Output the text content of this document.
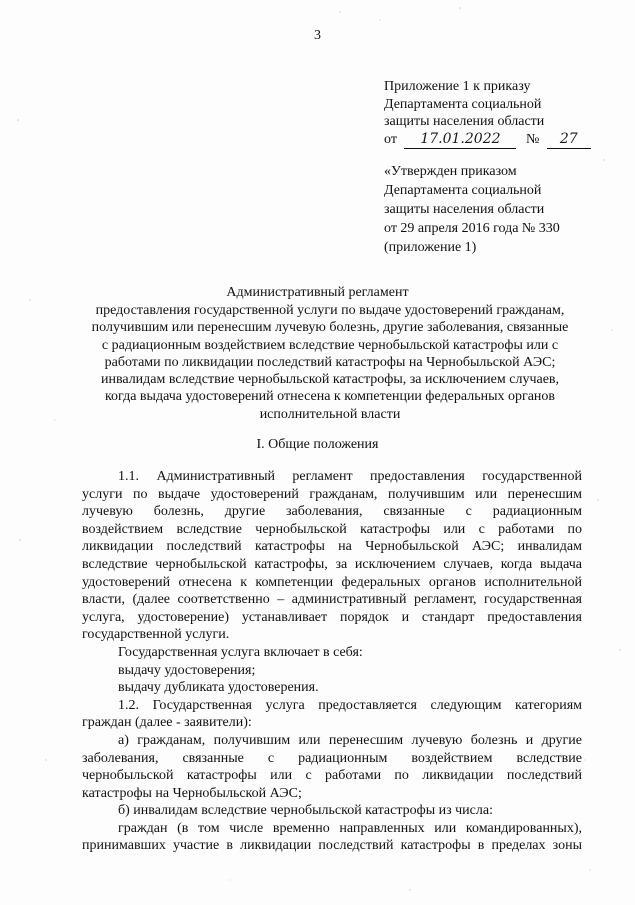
3
Приложение 1 к приказу
Департамента социальной
защиты населения области
от 17.01.2022 № 27
«Утвержден приказом
Департамента социальной
защиты населения области
от 29 апреля 2016 года № 330
(приложение 1)
Административный регламент
предоставления государственной услуги по выдаче удостоверений гражданам,
получившим или перенесшим лучевую болезнь, другие заболевания, связанные
с радиационным воздействием вследствие чернобыльской катастрофы или с
работами по ликвидации последствий катастрофы на Чернобыльской АЭС;
инвалидам вследствие чернобыльской катастрофы, за исключением случаев,
когда выдача удостоверений отнесена к компетенции федеральных органов
исполнительной власти
I. Общие положения
1.1. Административный регламент предоставления государственной
услуги по выдаче удостоверений гражданам, получившим или перенесшим
лучевую болезнь, другие заболевания, связанные с радиационным
воздействием вследствие чернобыльской катастрофы или с работами по
ликвидации последствий катастрофы на Чернобыльской АЭС; инвалидам
вследствие чернобыльской катастрофы, за исключением случаев, когда выдача
удостоверений отнесена к компетенции федеральных органов исполнительной
власти, (далее соответственно – административный регламент, государственная
услуга, удостоверение) устанавливает порядок и стандарт предоставления
государственной услуги.
Государственная услуга включает в себя:
выдачу удостоверения;
выдачу дубликата удостоверения.
1.2. Государственная услуга предоставляется следующим категориям
граждан (далее - заявители):
а) гражданам, получившим или перенесшим лучевую болезнь и другие
заболевания, связанные с радиационным воздействием вследствие
чернобыльской катастрофы или с работами по ликвидации последствий
катастрофы на Чернобыльской АЭС;
б) инвалидам вследствие чернобыльской катастрофы из числа:
граждан (в том числе временно направленных или командированных),
принимавших участие в ликвидации последствий катастрофы в пределах зоны
